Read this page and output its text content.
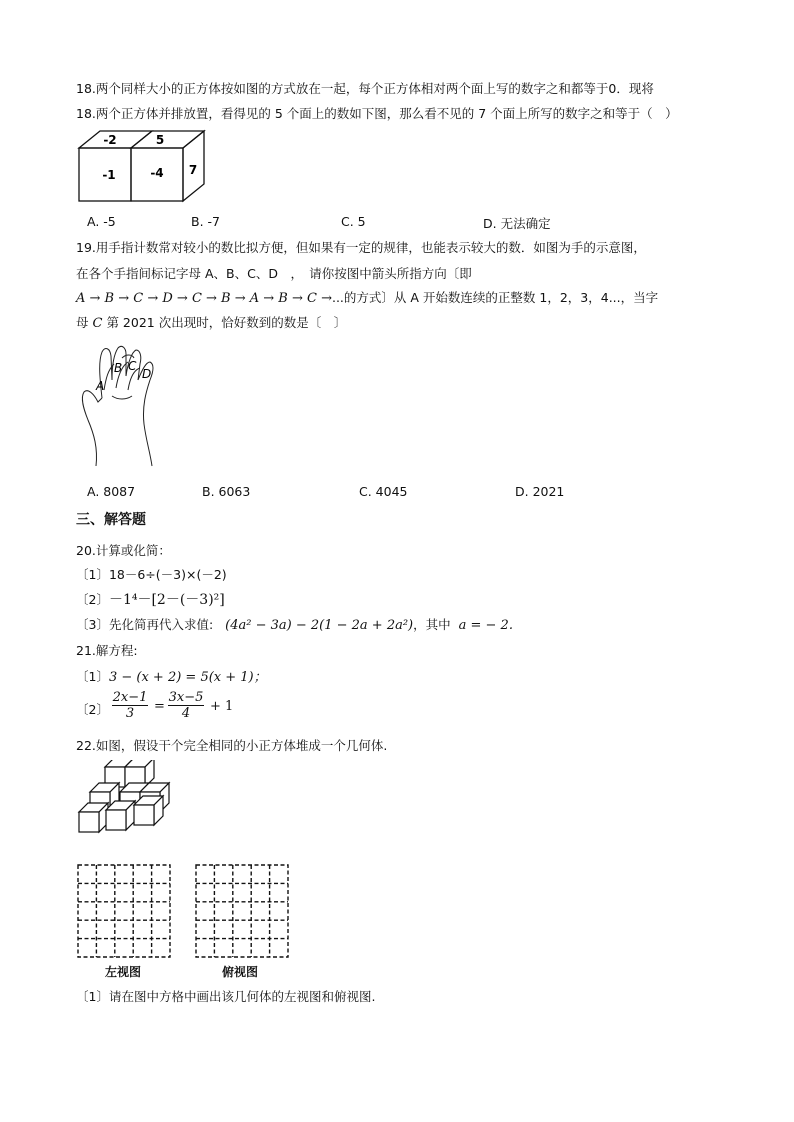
18.两个同样大小的正方体按如图的方式放在一起，每个正方体相对两个面上写的数字之和都等于0．现将
18.两个正方体并排放置，看得见的 5 个面上的数如下图，那么看不见的 7 个面上所写的数字之和等于（　）
-2	5
-1	-4 7
A. -5	B. -7	C. 5	D. 无法确定
19.用手指计数常对较小的数比拟方便，但如果有一定的规律，也能表示较大的数．如图为手的示意图，
在各个手指间标记字母 A、B、C、D　，　请你按图中箭头所指方向〔即
A → B → C → D → C → B → A → B → C →...的方式〕从 A 开始数连续的正整数 1，2，3，4...，当字
母 C 第 2021 次出现时，恰好数到的数是〔　〕
A
B C
D
A. 8087	B. 6063	C. 4045	D. 2021
三、解答题
20.计算或化简：
〔1〕18－6÷(－3)×(－2)
〔2〕－1⁴－[2－(－3)²]
〔3〕先化简再代入求值: (4a² − 3a) − 2(1 − 2a + 2a²)，其中 a = − 2.
21.解方程:
〔1〕3 − (x + 2) = 5(x + 1)；
〔2〕 $\frac{2x-1}{3} = \frac{3x-5}{4} + 1$
22.如图，假设干个完全相同的小正方体堆成一个几何体.
左视图	俯视图
〔1〕请在图中方格中画出该几何体的左视图和俯视图.
